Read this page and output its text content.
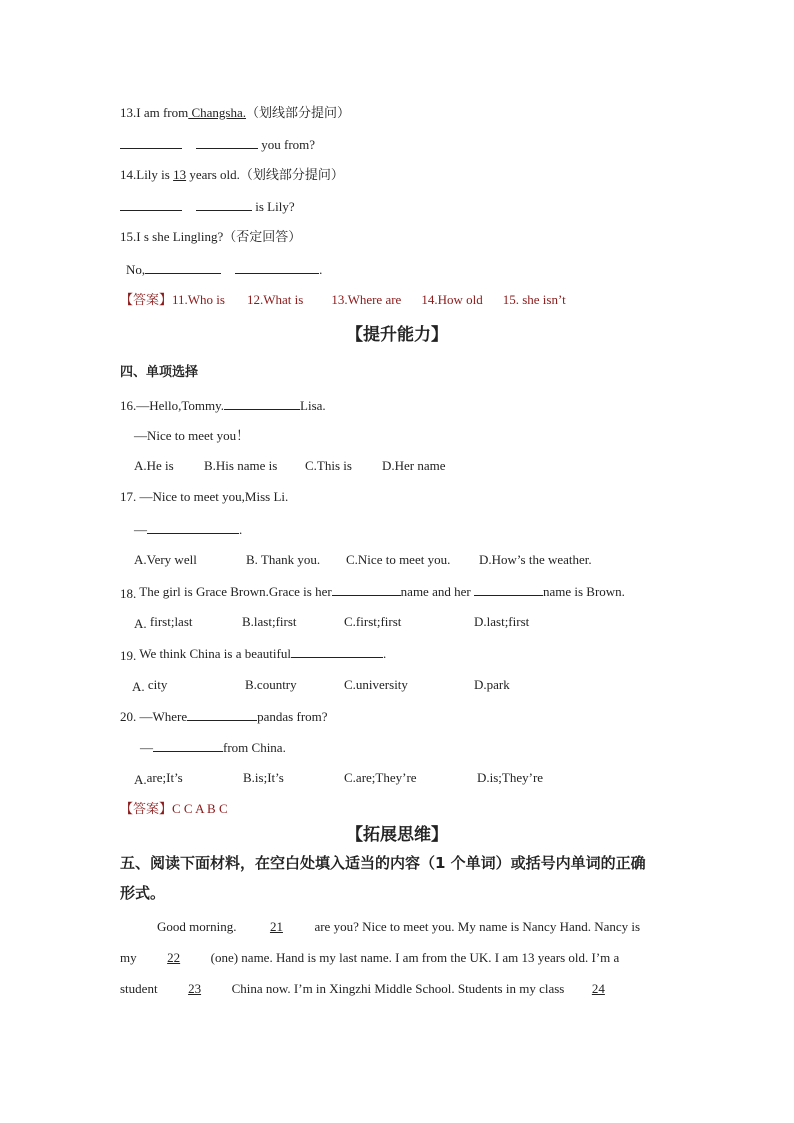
13.I am from Changsha.（划线部分提问）
you from?
14.Lily is 13 years old.（划线部分提问）
is Lily?
15.I s she Lingling?（否定回答）
No,	.
【答案】11.Who is 12.What is 13.Where are 14.How old 15. she isn’t
【提升能力】
四、单项选择
16.—Hello,Tommy.	Lisa.
—Nice to meet you！
A.He is B.His name is C.This is D.Her name
17. —Nice to meet you,Miss Li.
—	.
A.Very well	B. Thank you. C.Nice to meet you. D.How’s the weather.
18. The girl is Grace Brown.Grace is her	name and her	name is Brown.
A. first;last	B.last;first	C.first;first	D.last;first
19. We think China is a beautiful	.
A. city	B.country	C.university	D.park
20. —Where	pandas from?
—	from China.
A.are;It’s	B.is;It’s	C.are;They’re	D.is;They’re
【答案】C C A B C
【拓展思维】
五、阅读下面材料，在空白处填入适当的内容（1 个单词）或括号内单词的正确
形式。
Good morning.	21 are you? Nice to meet you. My name is Nancy Hand. Nancy is
my 22 (one) name. Hand is my last name. I am from the UK. I am 13 years old. I’m a
student 23 China now. I’m in Xingzhi Middle School. Students in my class 24
